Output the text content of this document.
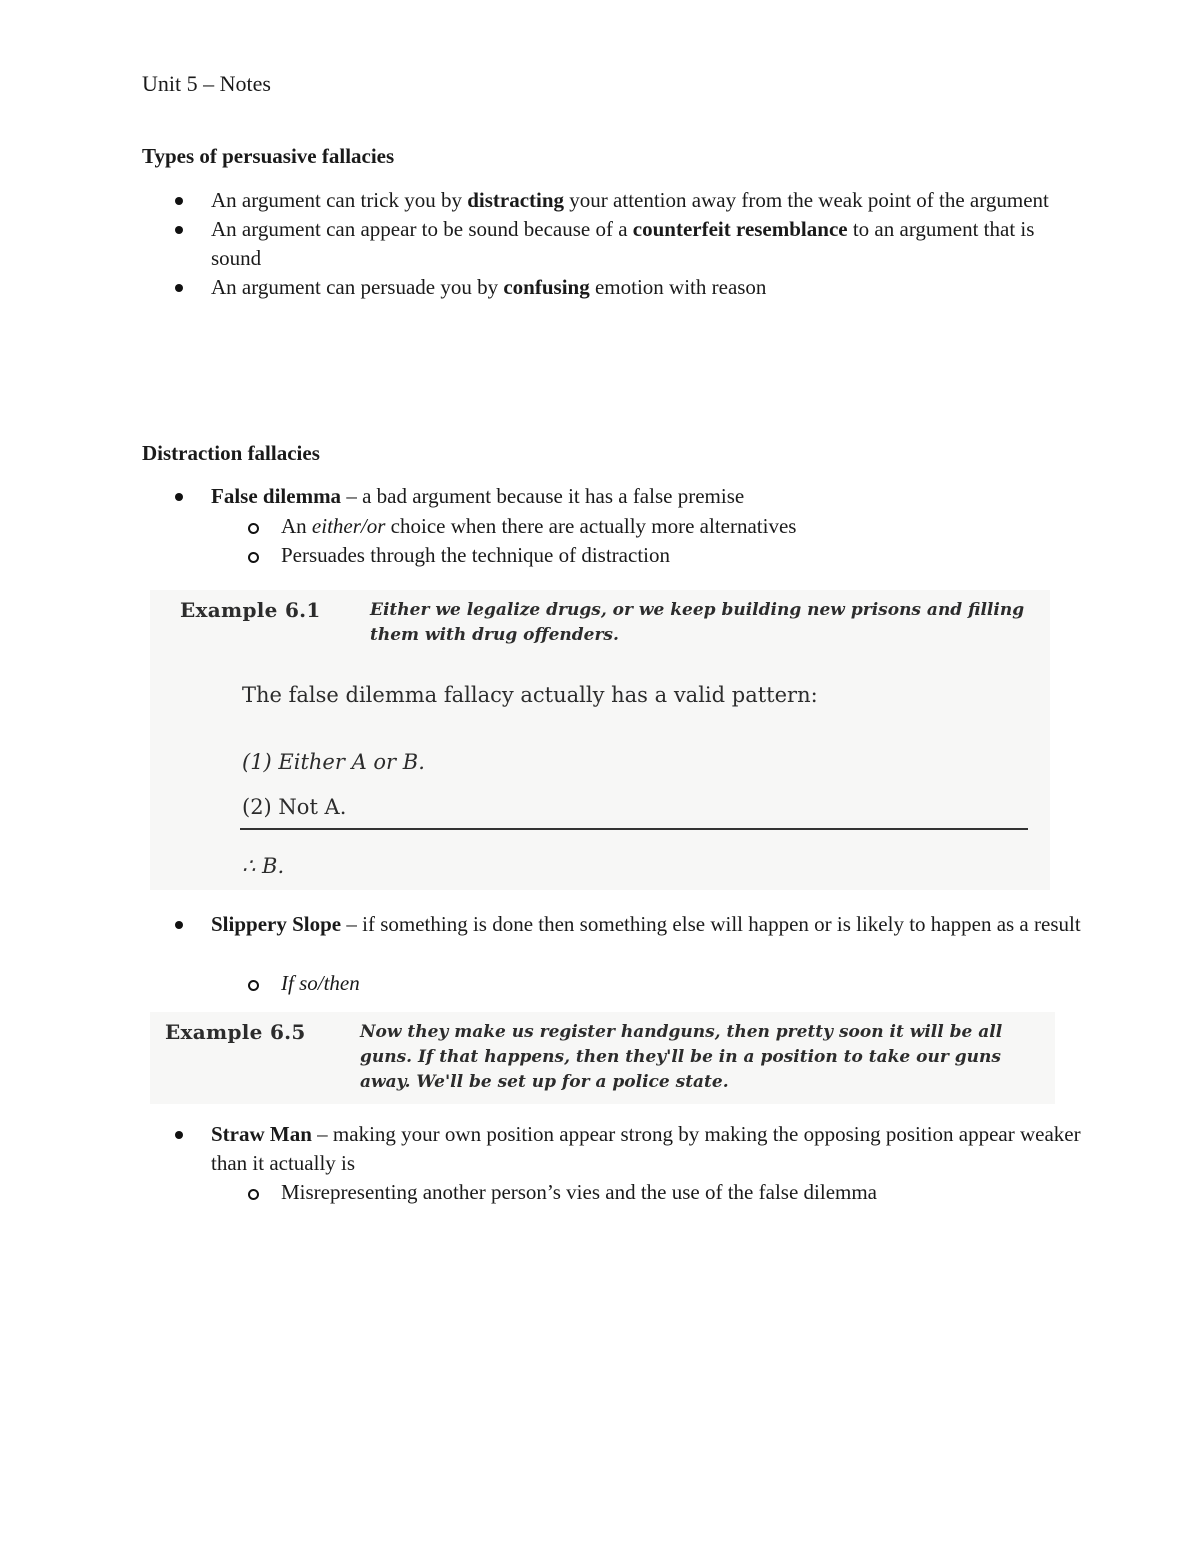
Unit 5 – Notes
Types of persuasive fallacies
An argument can trick you by distracting your attention away from the weak point of the argument
An argument can appear to be sound because of a counterfeit resemblance to an argument that is sound
An argument can persuade you by confusing emotion with reason
Distraction fallacies
False dilemma – a bad argument because it has a false premise
An either/or choice when there are actually more alternatives
Persuades through the technique of distraction
Example 6.1	Either we legalize drugs, or we keep building new prisons and filling them with drug offenders.
The false dilemma fallacy actually has a valid pattern:
(1) Either A or B.
(2) Not A.
∴ B.
Slippery Slope – if something is done then something else will happen or is likely to happen as a result
If so/then
Example 6.5	Now they make us register handguns, then pretty soon it will be all guns. If that happens, then they'll be in a position to take our guns away. We'll be set up for a police state.
Straw Man – making your own position appear strong by making the opposing position appear weaker than it actually is
Misrepresenting another person’s vies and the use of the false dilemma
